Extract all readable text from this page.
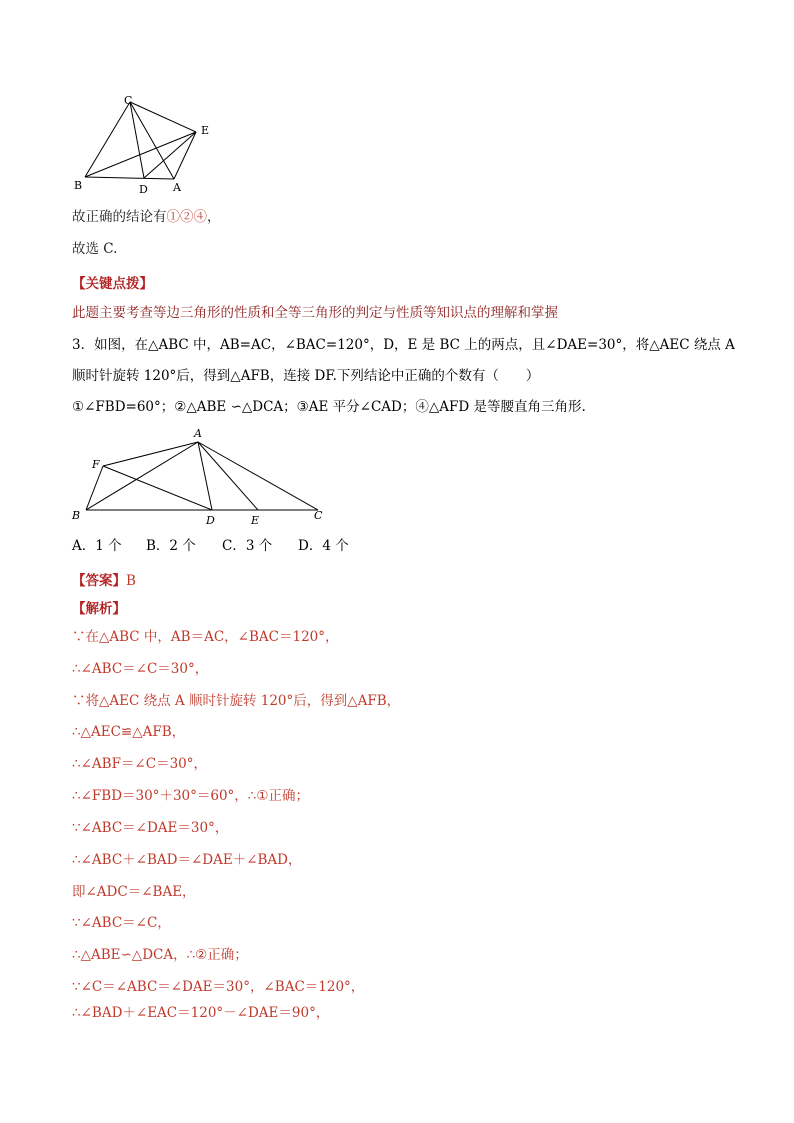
C
E
B	D A
故正确的结论有①②④，
故选 C.
【关键点拨】
此题主要考查等边三角形的性质和全等三角形的判定与性质等知识点的理解和掌握
3．如图，在△ABC 中，AB=AC，∠BAC=120°，D，E 是 BC 上的两点，且∠DAE=30°，将△AEC 绕点 A
顺时针旋转 120°后，得到△AFB，连接 DF.下列结论中正确的个数有（　　）
①∠FBD=60°；②△ABE ∽△DCA；③AE 平分∠CAD；④△AFD 是等腰直角三角形.
A
F
B	D	E	C
A．1 个 B．2 个 C．3 个 D．4 个
【答案】B
【解析】
∵在△ABC 中，AB＝AC，∠BAC＝120°，
∴∠ABC＝∠C＝30°，
∵将△AEC 绕点 A 顺时针旋转 120°后，得到△AFB，
∴△AEC≌△AFB，
∴∠ABF＝∠C＝30°，
∴∠FBD＝30°＋30°＝60°，∴①正确；
∵∠ABC＝∠DAE＝30°，
∴∠ABC＋∠BAD＝∠DAE＋∠BAD，
即∠ADC＝∠BAE，
∵∠ABC＝∠C，
∴△ABE∽△DCA，∴②正确；
∵∠C＝∠ABC＝∠DAE＝30°，∠BAC＝120°，
∴∠BAD＋∠EAC＝120°－∠DAE＝90°，
